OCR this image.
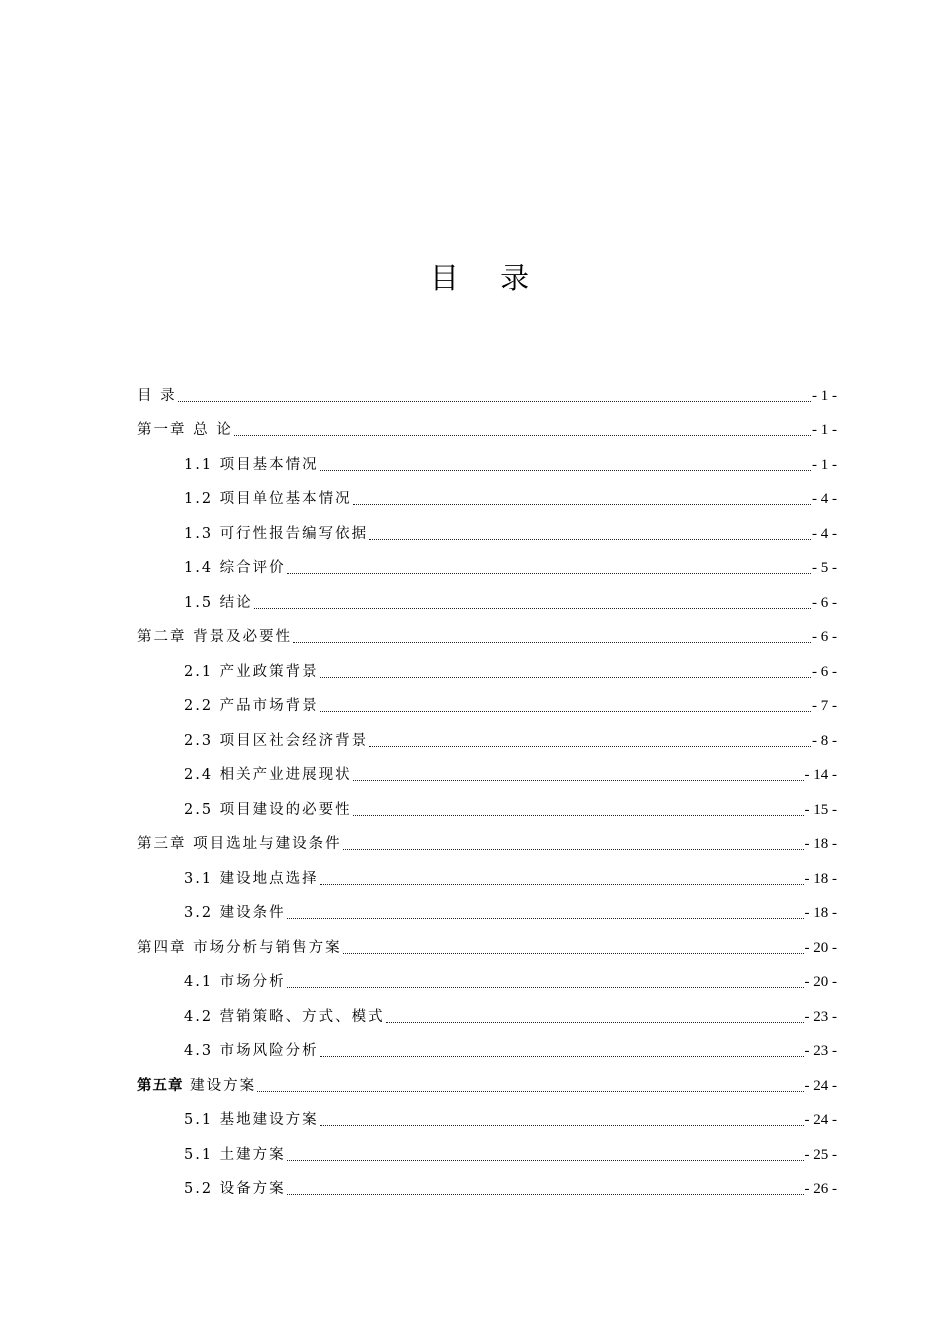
目 录
目 录	- 1 -
第一章 总 论	- 1 -
1.1 项目基本情况	- 1 -
1.2 项目单位基本情况	- 4 -
1.3 可行性报告编写依据	- 4 -
1.4 综合评价	- 5 -
1.5 结论	- 6 -
第二章 背景及必要性	- 6 -
2.1 产业政策背景	- 6 -
2.2 产品市场背景	- 7 -
2.3 项目区社会经济背景	- 8 -
2.4 相关产业进展现状	- 14 -
2.5 项目建设的必要性	- 15 -
第三章 项目选址与建设条件	- 18 -
3.1 建设地点选择	- 18 -
3.2 建设条件	- 18 -
第四章 市场分析与销售方案	- 20 -
4.1 市场分析	- 20 -
4.2 营销策略、方式、模式	- 23 -
4.3 市场风险分析	- 23 -
第五章 建设方案	- 24 -
5.1 基地建设方案	- 24 -
5.1 土建方案	- 25 -
5.2 设备方案	- 26 -
